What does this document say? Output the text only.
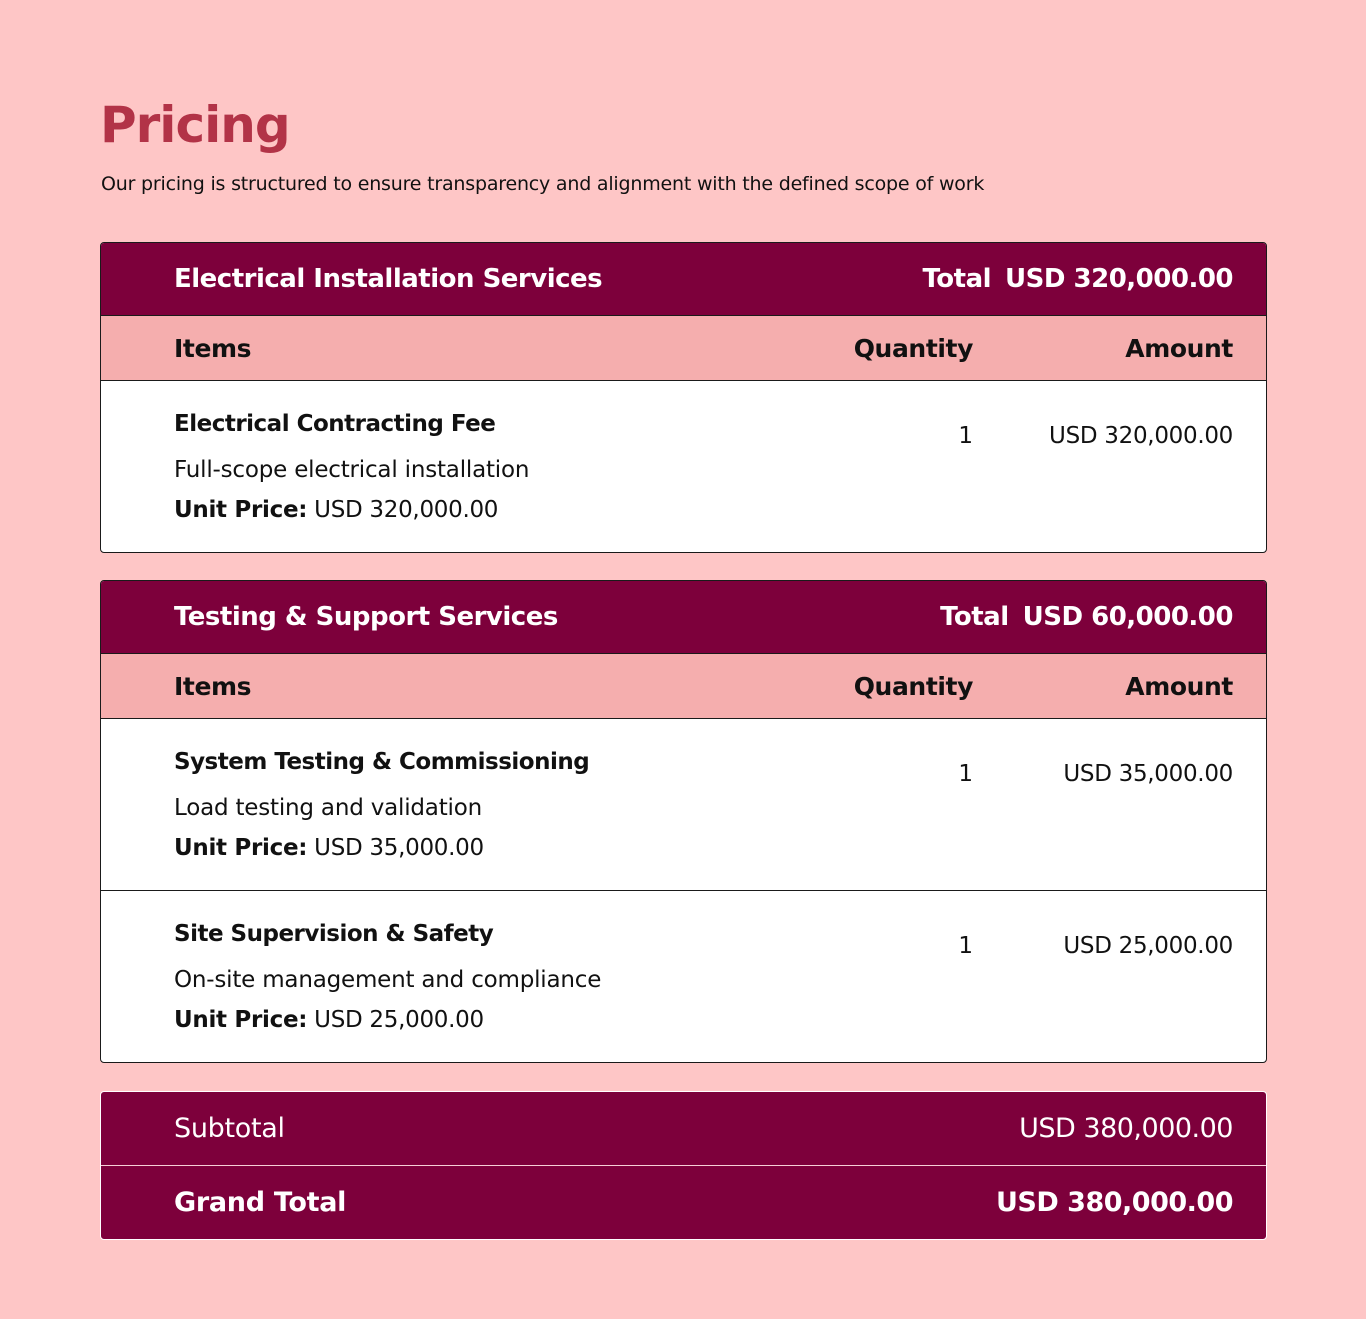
Pricing

Our pricing is structured to ensure transparency and alignment with the defined scope of work

Electrical Installation Services	Total USD 320,000.00
Items	Quantity	Amount
Electrical Contracting Fee
Full-scope electrical installation
Unit Price: USD 320,000.00
1	USD 320,000.00
Testing & Support Services	Total USD 60,000.00
Items	Quantity	Amount
System Testing & Commissioning
Load testing and validation
Unit Price: USD 35,000.00
1	USD 35,000.00
Site Supervision & Safety
On-site management and compliance
Unit Price: USD 25,000.00
1	USD 25,000.00
Subtotal	USD 380,000.00
Grand Total	USD 380,000.00
